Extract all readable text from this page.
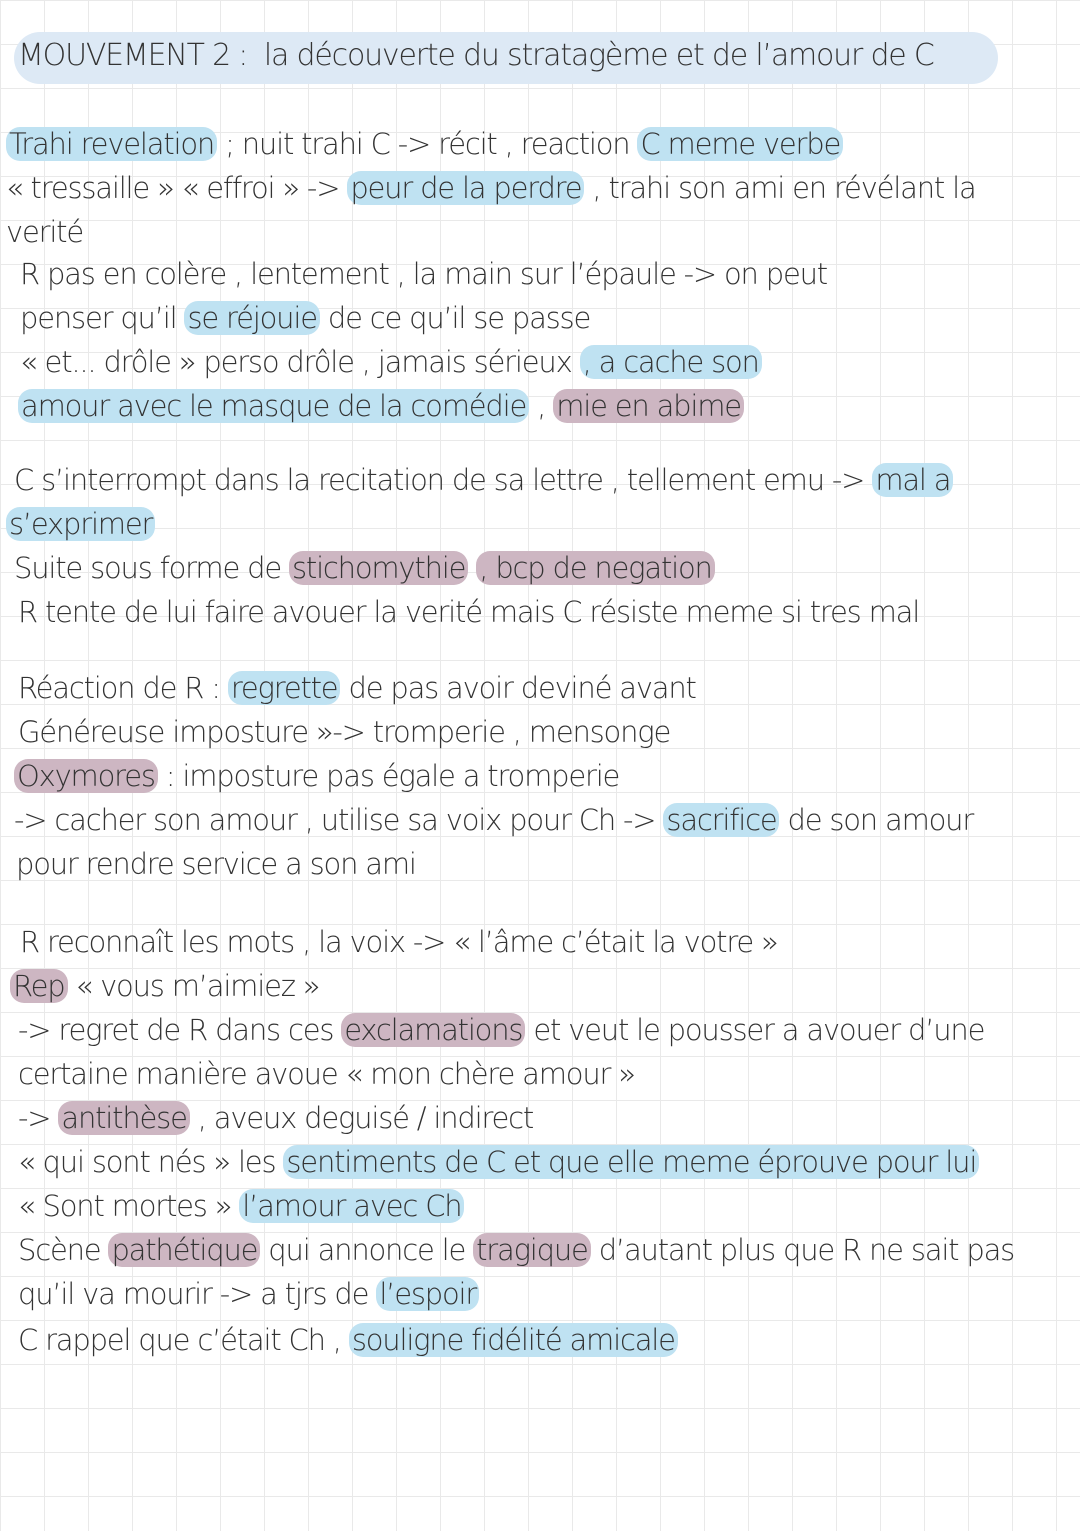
MOUVEMENT 2 : la découverte du stratagème et de l’amour de C
Trahi revelation ; nuit trahi C -> récit , reaction C meme verbe
« tressaille » « effroi » -> peur de la perdre , trahi son ami en révélant la
verité
R pas en colère , lentement , la main sur l’épaule -> on peut
penser qu’il se réjouie de ce qu’il se passe
« et... drôle » perso drôle , jamais sérieux , a cache son
amour avec le masque de la comédie , mie en abime
C s’interrompt dans la recitation de sa lettre , tellement emu -> mal a
s’exprimer
Suite sous forme de stichomythie , bcp de negation
R tente de lui faire avouer la verité mais C résiste meme si tres mal
Réaction de R : regrette de pas avoir deviné avant
Généreuse imposture »-> tromperie , mensonge
Oxymores : imposture pas égale a tromperie
-> cacher son amour , utilise sa voix pour Ch -> sacrifice de son amour
pour rendre service a son ami
R reconnaît les mots , la voix -> « l’âme c’était la votre »
Rep « vous m’aimiez »
-> regret de R dans ces exclamations et veut le pousser a avouer d’une
certaine manière avoue « mon chère amour »
-> antithèse , aveux deguisé / indirect
« qui sont nés » les sentiments de C et que elle meme éprouve pour lui
« Sont mortes » l’amour avec Ch
Scène pathétique qui annonce le tragique d’autant plus que R ne sait pas
qu’il va mourir -> a tjrs de l’espoir
C rappel que c’était Ch , souligne fidélité amicale
